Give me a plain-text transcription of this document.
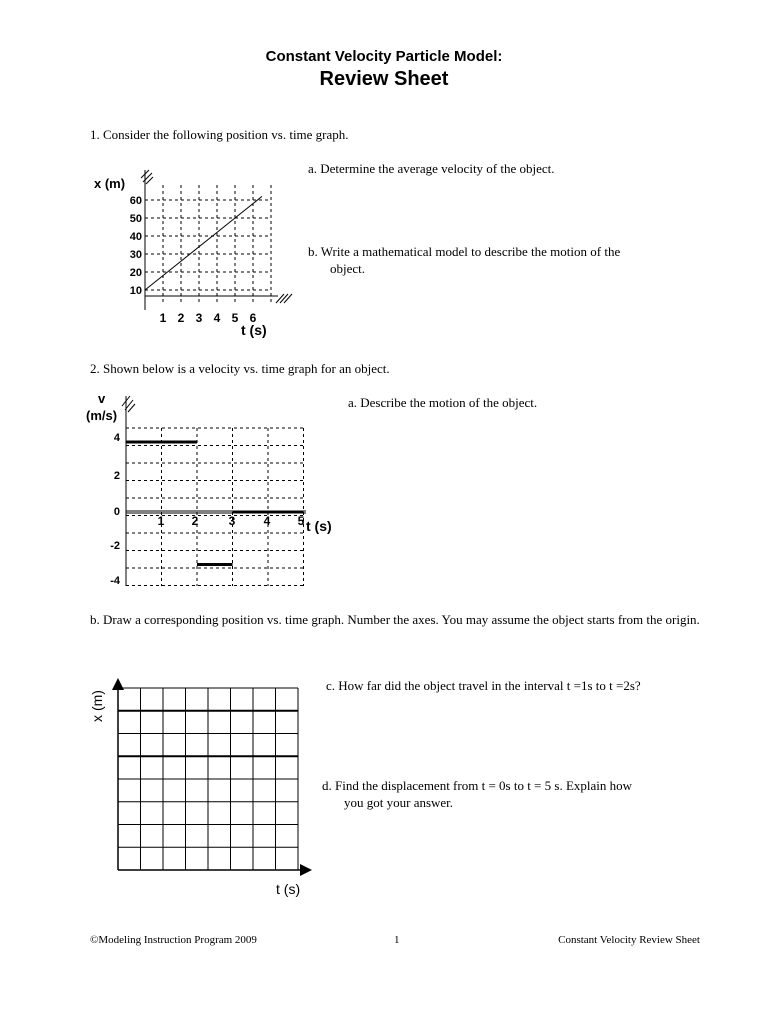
Constant Velocity Particle Model:

Review Sheet

1. Consider the following position vs. time graph.

a. Determine the average velocity of the object.

b. Write a mathematical model to describe the motion of the
object.
x (m)
t (s)
60
50
40
30
20
10
1 2 3 4 5 6

2. Shown below is a velocity vs. time graph for an object.

a. Describe the motion of the object.

v
(m/s)
t (s)
4
2
0
-2
-4
1 2	3 4 5

b. Draw a corresponding position vs. time graph. Number the axes. You may assume the object starts from the origin.

c. How far did the object travel in the interval t =1s to t =2s?

d. Find the displacement from t = 0s to t = 5 s. Explain how
you got your answer.
x (m)
t (s)

©Modeling Instruction Program 2009	1	Constant Velocity Review Sheet
